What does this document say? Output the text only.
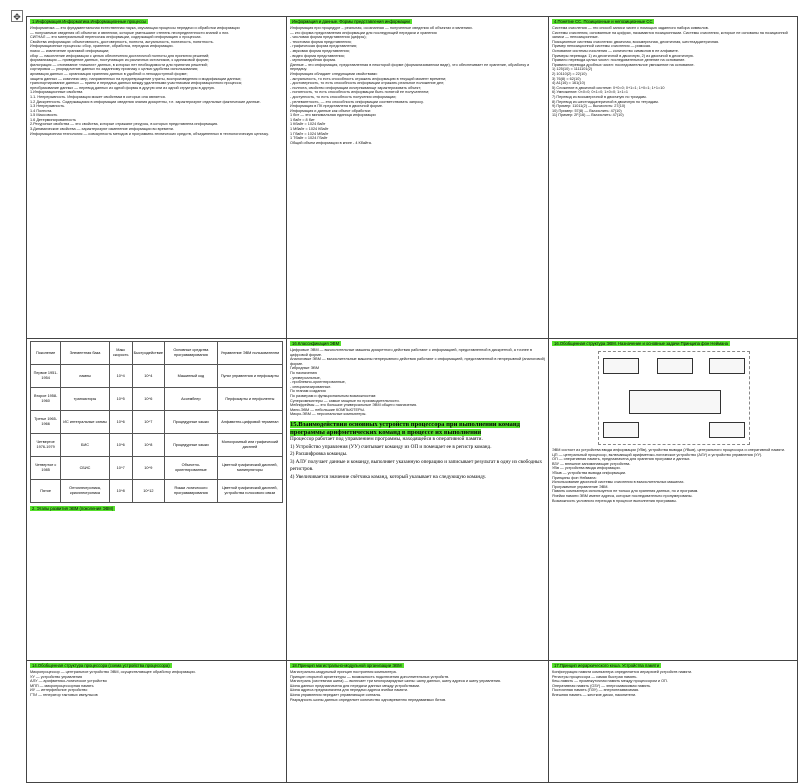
✥	1.Информация.Информатика.Информационные процессы
Информатика — это фундаментальная естественная наука, изучающая процессы передачи и обработки информации
— получаемые сведения об объектах и явлениях, которые уменьшают степень неопределенности знаний о них.
СИГНАЛ — это материальный переносчик информации, содержащий информацию о процессах.
Свойства информации: объективность, достоверность, полнота, актуальность, полезность, понятность.
Информационные процессы: сбор, хранение, обработка, передача информации.
поиск — извлечение хранимой информации;
сбор — накопление информации с целью обеспечения достаточной полноты для принятия решений;
формализация — приведение данных, поступающих из различных источников, к одинаковой форме;
фильтрация — отсеивание «лишних» данных, в которых нет необходимости для принятия решений;
сортировка — упорядочение данных по заданному признаку с целью удобства использования;
архивация данных — организация хранения данных в удобной и легкодоступной форме;
защита данных — комплекс мер, направленных на предотвращение утраты, воспроизведения и модификации данных;
транспортирование данных — прием и передача данных между удаленными участниками информационного процесса;
преобразование данных — перевод данных из одной формы в другую или из одной структуры в другую.
1.Информационные свойства
1.1. Непрерывность. Информация может свойствам в которых она является.
1.2 Дискретность. Содержащаяся в информации сведения знания дискретны, т.е. характеризуют отдельные фактические данные.
1.3 Непрерывность.
1.4 Полнота.
1.5 Массовость
1.6 Детерминированность
2.Ресурсные свойства — это свойства, которые отражают ресурсы, в которых представлена информация.
3.Динамические свойства — характеризуют изменение информации во времени.
Информационная технология — совокупность методов и программно-технических средств, объединенных в технологическую цепочку.
Информация и данные. Формы представления информации
Информация при процедуре – реальная, осознанная — полученные сведения об объектах и явлениях.
— кто форма представления информации для последующей передачи и хранения
- числовая форма представления (цифры);
- текстовая форма представления;
- графическая форма представления;
- звуковая форма представления;
- видео форма представления;
- мультимедийная форма.
Данные – это информация, представленная в некоторой форме (формализованном виде), что обеспечивает ее хранение, обработку и передачу.
Информация обладает следующими свойствами:
- актуальность, то есть способность отражать информацию в текущий момент времени;
- достоверность, то есть способность информации отражать реальное положение дел;
- полнота, свойство информации исчерпывающе характеризовать объект;
- понятность, то есть способность информации быть понятой ее получателем;
- доступность, то есть способность получения информации;
- релевантность, — это способность информации соответствовать запросу.
Информация в ПК представлена в двоичной форме.
Информация и данные как объект обработки:
1 бит — это минимальная единица информации
1 байт = 8 бит
1 Кбайт = 1024 байт
1 Мбайт = 1024 Кбайт
1 Гбайт = 1024 Мбайт
1 Тбайт = 1024 Гбайт
Общий объем информации в книге - 4 Кбайта.
4.Понятие СС. Позиционные и непозиционные СС
Система счисления — это способ записи чисел с помощью заданного набора символов.
Системы счисления, основанные на цифрах, называются позиционными. Системы счисления, которые не основаны на позиционной записи — непозиционные.
Позиционные системы счисления: двоичная, восьмеричная, десятичная, шестнадцатеричная.
Пример непозиционной системы счисления — римская.
Основание системы счисления — количество символов в ее алфавите.
Примеры перевода: 1) из десятичной в двоичную, 2) из двоичной в десятичную.
Правило перевода целых чисел: последовательное деление на основание.
Правило перевода дробных чисел: последовательное умножение на основание.
1) 125(10) = 1111101(2)
2) 10110(2) = 22(10)
3) 76(8) = 62(10)
4) A1(16) = 161(10)
5) Сложение в двоичной системе: 0+0=0; 0+1=1; 1+0=1; 1+1=10
6) Умножение: 0×0=0; 0×1=0; 1×0=0; 1×1=1
7) Перевод из восьмеричной в двоичную по триадам.
8) Перевод из шестнадцатеричной в двоичную по тетрадам.
9) Пример: 11011(2) — Вычислить: 27(10)
10) Пример: 57(8) — Вычислить: 47(10)
11) Пример: 2F(16) — Вычислить: 47(10)
Поколение	Элементная база	Макс скорость	Быстродействие	Основные средства программирования	Управление ЭВМ пользователем
Первое 1951-1954	лампы	10^4	10^4	Машинный код	Пульт управления и перфокарты
Второе 1958-1960	транзисторы	10^5	10^6	Ассемблер	Перфокарты и перфоленты
Третье 1965-1966	ИС интегральные схемы	10^6	10^7	Процедурные языки	Алфавитно-цифровой терминал
Четвертое 1976-1979	БИС	10^6	10^8	Процедурные языки	Монохромный или графический дисплей
Четвертое с 1985	СБИС	10^7	10^9	Объектно-ориентированные	Цветной графический дисплей, манипуляторы
Пятое	Оптоэлектроника, криоэлектроника	10^8	10^12	Языки логического программирования	Цветной графический дисплей, устройства голосового связи
2. Этапы развития ЭВМ (поколения ЭВМ)
16.Классификация ЭВМ
Цифровые ЭВМ — вычислительные машины дискретного действия работают с информацией, представленной в дискретной, а точнее в цифровой форме.
Аналоговые ЭВМ — вычислительные машины непрерывного действия работают с информацией, представленной в непрерывной (аналоговой) форме.
Гибридные ЭВМ
По назначению
- универсальные,
- проблемно-ориентированные,
- специализированные.
По этапам создания
По размерам и функциональным возможностям:
Суперкомпьютеры — самые мощные по производительности.
Мейнфреймы — это большие универсальные ЭВМ общего назначения.
Мини-ЭВМ — небольшие КОМПЬЮТЕРЫ.
Микро-ЭВМ — персональные компьютеры.
15.Взаимодействия основных устройств процессора при выполнении команд программы арифметических команд в процессе их выполнения
Процессор работает под управлением программы, находящейся в оперативной памяти.
1) Устройство управления (УУ) считывает команду из ОП и помещает ее в регистр команд.
2) Расшифровка команды.
3) АЛУ получает данные и команду, выполняет указанную операцию и записывает результат в одну из свободных регистров.
4) Увеличивается значение счётчика команд, который указывает на следующую команду.
16.Обобщенная структура ЭВМ. Назначение и основные задачи Принципа фон Неймана
ЭВМ состоит из устройства ввода информации (УВв), устройства вывода (УВыв), центрального процессора и оперативной памяти.
ЦП — центральный процессор, включающий арифметико-логическое устройство (АЛУ) и устройство управления (УУ).
ОП — оперативная память, предназначена для хранения программ и данных.
ВЗУ — внешние запоминающие устройства.
УВв — устройства ввода информации.
УВыв — устройства вывода информации.
Принципы фон Неймана:
Использование двоичной системы счисления в вычислительных машинах.
Программное управление ЭВМ.
Память компьютера используется не только для хранения данных, но и программ.
Ячейки памяти ЭВМ имеют адреса, которые последовательно пронумерованы.
Возможность условного перехода в процессе выполнения программы.
14.Обобщенная структура процессора (схема устройства процессора)
Микропроцессор — центральное устройство ЭВМ, осуществляющее обработку информации.
УУ — устройство управления
АЛУ — арифметико-логическое устройство
МПП — микропроцессорная память
ИУ — интерфейсное устройство
ГТИ — генератор тактовых импульсов
18.Принцип магистрально-модульной организации ЭВМ
Магистрально-модульный принцип построения компьютера.
Принцип открытой архитектуры — возможность подключения дополнительных устройств.
Магистраль (системная шина) — включает три многоразрядные шины: шину данных, шину адреса и шину управления.
Шина данных предназначена для передачи данных между устройствами.
Шина адреса предназначена для передачи адреса ячейки памяти.
Шина управления передает управляющие сигналы.
Разрядность шины данных определяет количество одновременно передаваемых битов.
17.Принцип иерархического кеша. Устройства памяти
Конфигурация памяти компьютера определяется иерархией устройств памяти.
Регистры процессора — самая быстрая память.
Кеш-память — промежуточная память между процессором и ОП.
Оперативная память (ОЗУ) — энергозависимая память.
Постоянная память (ПЗУ) — энергонезависимая.
Внешняя память — жесткие диски, накопители.
